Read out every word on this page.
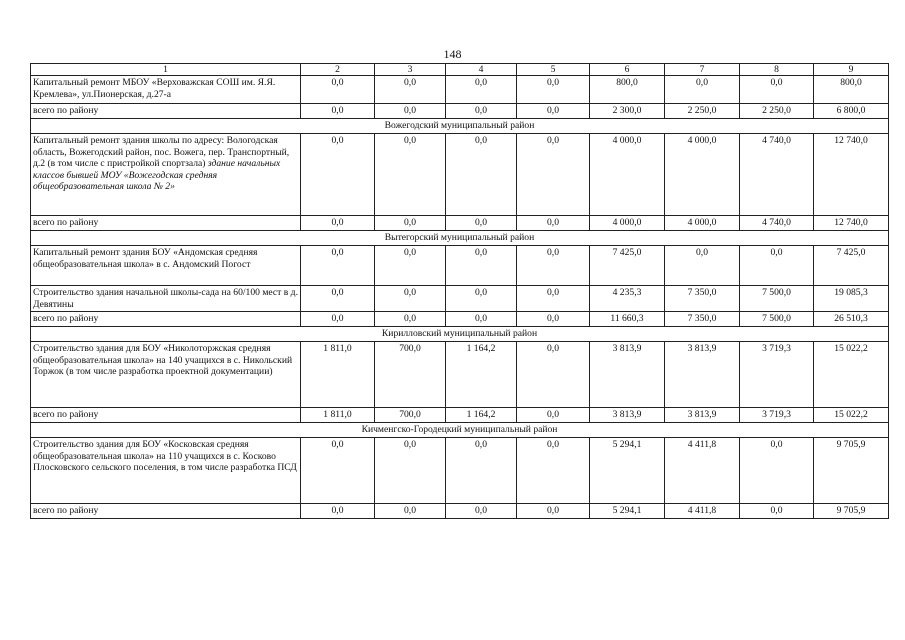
148
1	2	3	4	5	6	7	8	9
Капитальный ремонт МБОУ «Верховажская СОШ им. Я.Я. Кремлева», ул.Пионерская, д.27-а	0,0	0,0	0,0	0,0	800,0	0,0	0,0	800,0
всего по району	0,0	0,0	0,0	0,0	2 300,0	2 250,0	2 250,0	6 800,0
Вожегодский муниципальный район								
Капитальный ремонт здания школы по адресу: Вологодская область, Вожегодский район, пос. Вожега, пер. Транспортный, д.2 (в том числе с пристройкой спортзала) здание начальных классов бывшей МОУ «Вожегодская средняя общеобразовательная школа № 2»	0,0	0,0	0,0	0,0	4 000,0	4 000,0	4 740,0	12 740,0
всего по району	0,0	0,0	0,0	0,0	4 000,0	4 000,0	4 740,0	12 740,0
Вытегорский муниципальный район								
Капитальный ремонт здания БОУ «Андомская средняя общеобразовательная школа» в с. Андомский Погост	0,0	0,0	0,0	0,0	7 425,0	0,0	0,0	7 425,0
Строительство здания начальной школы-сада на 60/100 мест в д. Девятины	0,0	0,0	0,0	0,0	4 235,3	7 350,0	7 500,0	19 085,3
всего по району	0,0	0,0	0,0	0,0	11 660,3	7 350,0	7 500,0	26 510,3
Кирилловский муниципальный район								
Строительство здания для БОУ «Николоторжская средняя общеобразовательная школа» на 140 учащихся в с. Никольский Торжок (в том числе разработка проектной документации)	1 811,0	700,0	1 164,2	0,0	3 813,9	3 813,9	3 719,3	15 022,2
всего по району	1 811,0	700,0	1 164,2	0,0	3 813,9	3 813,9	3 719,3	15 022,2
Кичменгско-Городецкий муниципальный район								
Строительство здания для БОУ «Косковская средняя общеобразовательная школа» на 110 учащихся в с. Косково Плосковского сельского поселения, в том числе разработка ПСД	0,0	0,0	0,0	0,0	5 294,1	4 411,8	0,0	9 705,9
всего по району	0,0	0,0	0,0	0,0	5 294,1	4 411,8	0,0	9 705,9
